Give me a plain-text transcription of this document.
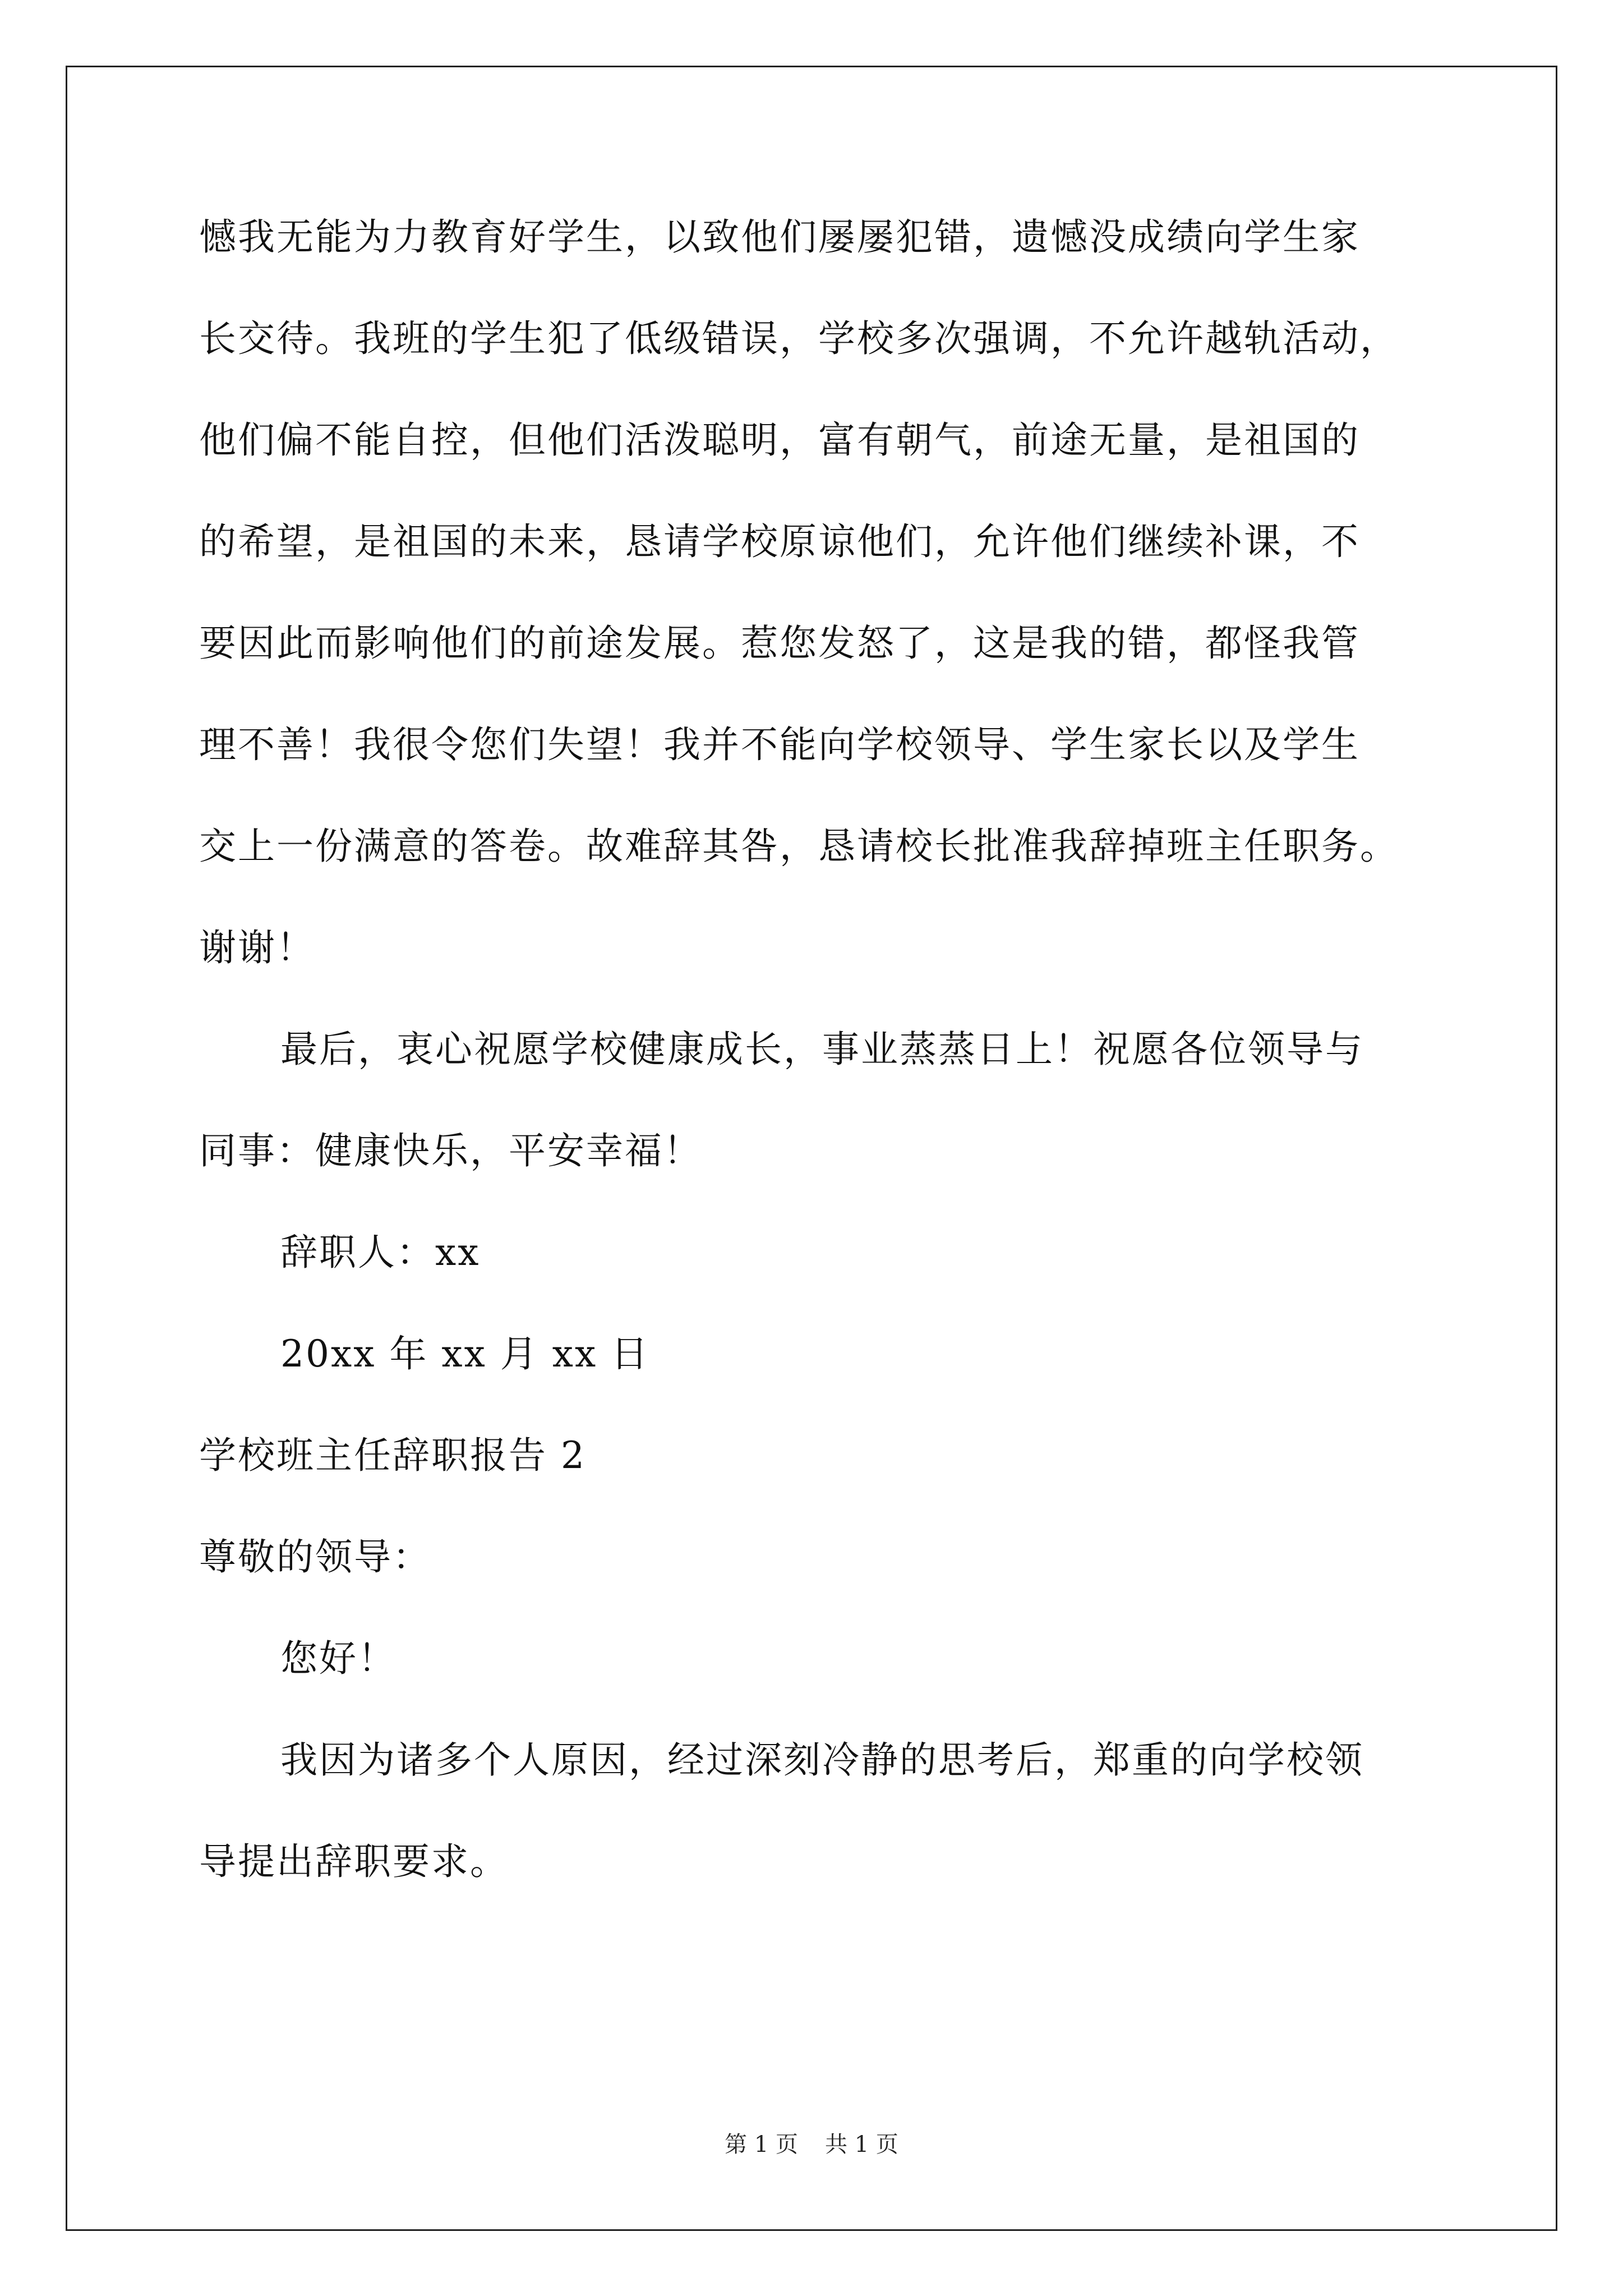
憾我无能为力教育好学生，以致他们屡屡犯错，遗憾没成绩向学生家
长交待。我班的学生犯了低级错误，学校多次强调，不允许越轨活动，
他们偏不能自控，但他们活泼聪明，富有朝气，前途无量，是祖国的
的希望，是祖国的未来，恳请学校原谅他们，允许他们继续补课，不
要因此而影响他们的前途发展。惹您发怒了，这是我的错，都怪我管
理不善！我很令您们失望！我并不能向学校领导、学生家长以及学生
交上一份满意的答卷。故难辞其咎，恳请校长批准我辞掉班主任职务。
谢谢！
最后，衷心祝愿学校健康成长，事业蒸蒸日上！祝愿各位领导与
同事：健康快乐，平安幸福！
辞职人：xx
20xx 年 xx 月 xx 日
学校班主任辞职报告 2
尊敬的领导：
您好！
我因为诸多个人原因，经过深刻冷静的思考后，郑重的向学校领
导提出辞职要求。
第 1 页 共 1 页
